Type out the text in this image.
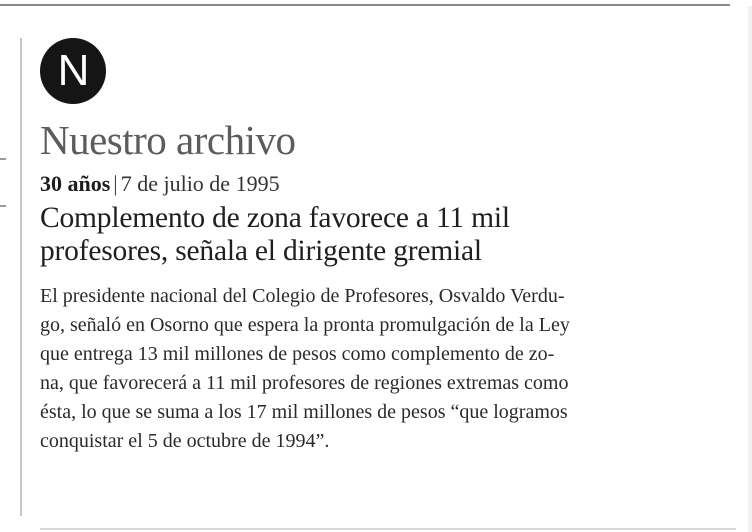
N
Nuestro archivo
30 años | 7 de julio de 1995
Complemento de zona favorece a 11 mil
profesores, señala el dirigente gremial
El presidente nacional del Colegio de Profesores, Osvaldo Verdu-
go, señaló en Osorno que espera la pronta promulgación de la Ley
que entrega 13 mil millones de pesos como complemento de zo-
na, que favorecerá a 11 mil profesores de regiones extremas como
ésta, lo que se suma a los 17 mil millones de pesos “que logramos
conquistar el 5 de octubre de 1994”.
